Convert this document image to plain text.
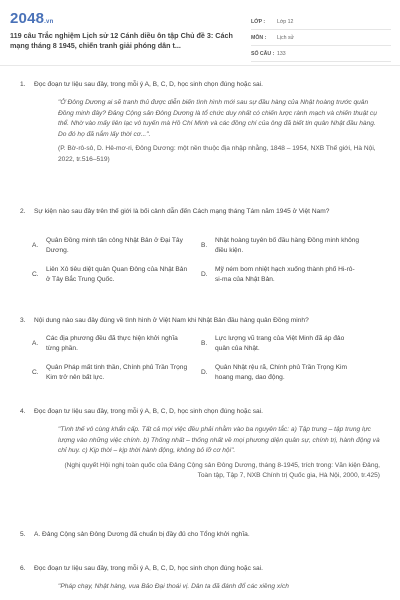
2048.vn
119 câu Trắc nghiệm Lịch sử 12 Cánh diều ôn tập Chủ đề 3: Cách mạng tháng 8 1945, chiến tranh giải phóng dân t...
LỚP :	Lớp 12
MÔN :	Lịch sử
SỐ CÂU : 133
1. Đọc đoạn tư liệu sau đây, trong mỗi ý A, B, C, D, học sinh chọn đúng hoặc sai.
"Ở Đông Dương ai sẽ tranh thủ được diễn biến tình hình mới sau sự đầu hàng của Nhật hoàng trước quân Đồng minh đây? Đảng Cộng sản Đông Dương là tổ chức duy nhất có chiến lược rành mạch và chiến thuật cụ thể. Nhờ vào mấy liên lạc vô tuyến mà Hồ Chí Minh và các đồng chí của ông đã biết tin quân Nhật đầu hàng. Do đó họ đã nắm lấy thời cơ...".
(P. Bờ-rô-sô, D. Hê-mơ-ri, Đông Dương: một nền thuộc địa nhập nhằng, 1848 – 1954, NXB Thế giới, Hà Nội, 2022, tr.516–519)
2. Sự kiện nào sau đây trên thế giới là bối cảnh dẫn đến Cách mạng tháng Tám năm 1945 ở Việt Nam?
A.
Quân Đồng minh tấn công Nhật Bản ở Đại Tây Dương.
B.
Nhật hoàng tuyên bố đầu hàng Đồng minh không điều kiện.
C.
Liên Xô tiêu diệt quân Quan Đông của Nhật Bản ở Tây Bắc Trung Quốc.
D.
Mỹ ném bom nhiệt hạch xuống thành phố Hi-rô-si-ma của Nhật Bản.
3. Nội dung nào sau đây đúng về tình hình ở Việt Nam khi Nhật Bản đầu hàng quân Đồng minh?
A.
Các địa phương đều đã thực hiện khởi nghĩa từng phần.
B.
Lực lượng vũ trang của Việt Minh đã áp đảo quân của Nhật.
C.
Quân Pháp mất tinh thần, Chính phủ Trần Trọng Kim trở nên bất lực.
D.
Quân Nhật rệu rã, Chính phủ Trần Trọng Kim hoang mang, dao động.
4. Đọc đoạn tư liệu sau đây, trong mỗi ý A, B, C, D, học sinh chọn đúng hoặc sai.
"Tình thế vô cùng khẩn cấp. Tất cả mọi việc đều phải nhằm vào ba nguyên tắc: a) Tập trung – tập trung lực lượng vào những việc chính. b) Thống nhất – thống nhất về mọi phương diện quân sự, chính trị, hành động và chỉ huy. c) Kịp thời – kịp thời hành động, không bỏ lỡ cơ hội".
(Nghị quyết Hội nghị toàn quốc của Đảng Cộng sản Đông Dương, tháng 8-1945, trích trong: Văn kiện Đảng, Toàn tập, Tập 7, NXB Chính trị Quốc gia, Hà Nội, 2000, tr.425)
5. A. Đảng Cộng sản Đông Dương đã chuẩn bị đầy đủ cho Tổng khởi nghĩa.
6. Đọc đoạn tư liệu sau đây, trong mỗi ý A, B, C, D, học sinh chọn đúng hoặc sai.
"Pháp chạy, Nhật hàng, vua Bảo Đại thoái vị. Dân ta đã đánh đổ các xiềng xích
